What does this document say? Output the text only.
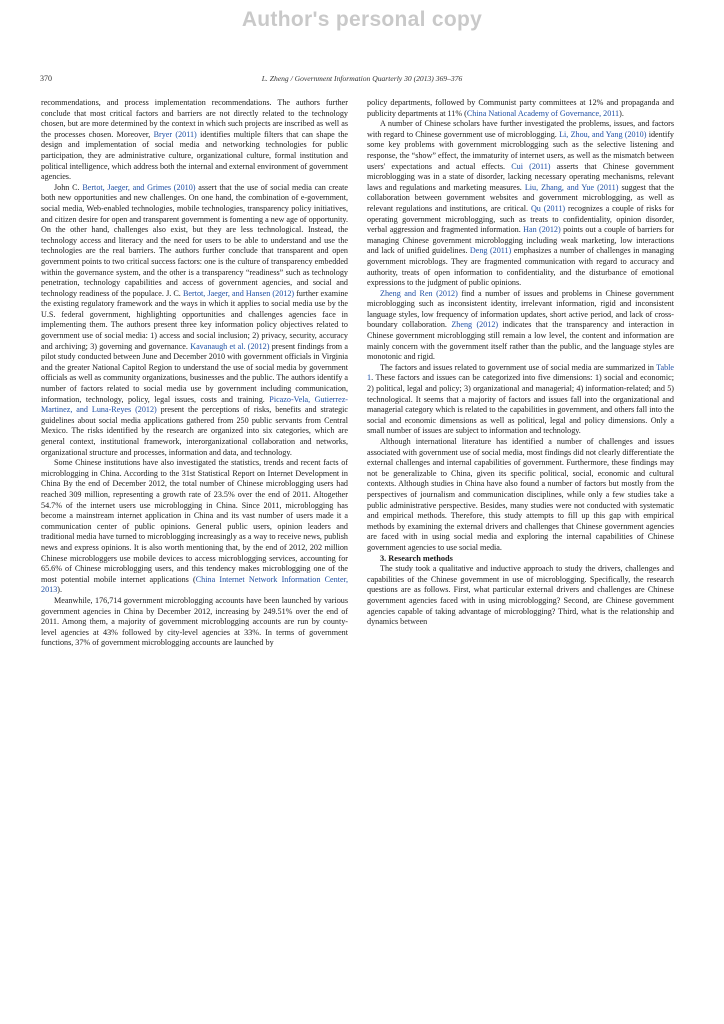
Author's personal copy
370	L. Zheng / Government Information Quarterly 30 (2013) 369–376

recommendations, and process implementation recommendations. The authors further conclude that most critical factors and barriers are not directly related to the technology chosen, but are more determined by the context in which such projects are inscribed as well as the processes chosen. Moreover, Bryer (2011) identifies multiple filters that can shape the design and implementation of social media and networking technologies for public participation, they are administrative culture, organizational culture, formal institution and political intelligence, which address both the internal and external environment of government agencies.

John C. Bertot, Jaeger, and Grimes (2010) assert that the use of social media can create both new opportunities and new challenges. On one hand, the combination of e-government, social media, Web-enabled technologies, mobile technologies, transparency policy initiatives, and citizen desire for open and transparent government is fomenting a new age of opportunity. On the other hand, challenges also exist, but they are less technological. Instead, the technology access and literacy and the need for users to be able to understand and use the technologies are the real barriers. The authors further conclude that transparent and open government points to two critical success factors: one is the culture of transparency embedded within the governance system, and the other is a transparency “readiness” such as technology penetration, technology capabilities and access of government agencies, and social and technology readiness of the populace. J. C. Bertot, Jaeger, and Hansen (2012) further examine the existing regulatory framework and the ways in which it applies to social media use by the U.S. federal government, highlighting opportunities and challenges agencies face in implementing them. The authors present three key information policy objectives related to government use of social media: 1) access and social inclusion; 2) privacy, security, accuracy and archiving; 3) governing and governance. Kavanaugh et al. (2012) present findings from a pilot study conducted between June and December 2010 with government officials in Virginia and the greater National Capitol Region to understand the use of social media by government officials as well as community organizations, businesses and the public. The authors identify a number of factors related to social media use by government including communication, information, technology, policy, legal issues, costs and training. Picazo-Vela, Gutierrez-Martinez, and Luna-Reyes (2012) present the perceptions of risks, benefits and strategic guidelines about social media applications gathered from 250 public servants from Central Mexico. The risks identified by the research are organized into six categories, which are general context, institutional framework, interorganizational collaboration and networks, organizational structure and processes, information and data, and technology.

Some Chinese institutions have also investigated the statistics, trends and recent facts of microblogging in China. According to the 31st Statistical Report on Internet Development in China By the end of December 2012, the total number of Chinese microblogging users had reached 309 million, representing a growth rate of 23.5% over the end of 2011. Altogether 54.7% of the internet users use microblogging in China. Since 2011, microblogging has become a mainstream internet application in China and its vast number of users made it a communication center of public opinions. General public users, opinion leaders and traditional media have turned to microblogging increasingly as a way to receive news, publish news and express opinions. It is also worth mentioning that, by the end of 2012, 202 million Chinese microbloggers use mobile devices to access microblogging services, accounting for 65.6% of Chinese microblogging users, and this tendency makes microblogging one of the most potential mobile internet applications (China Internet Network Information Center, 2013).

Meanwhile, 176,714 government microblogging accounts have been launched by various government agencies in China by December 2012, increasing by 249.51% over the end of 2011. Among them, a majority of government microblogging accounts are run by county-level agencies at 43% followed by city-level agencies at 33%. In terms of government functions, 37% of government microblogging accounts are launched by

policy departments, followed by Communist party committees at 12% and propaganda and publicity departments at 11% (China National Academy of Governance, 2011).

A number of Chinese scholars have further investigated the problems, issues, and factors with regard to Chinese government use of microblogging. Li, Zhou, and Yang (2010) identify some key problems with government microblogging such as the selective listening and response, the “show” effect, the immaturity of internet users, as well as the mismatch between users' expectations and actual effects. Cui (2011) asserts that Chinese government microblogging was in a state of disorder, lacking necessary operating mechanisms, relevant laws and regulations and marketing measures. Liu, Zhang, and Yue (2011) suggest that the collaboration between government websites and government microblogging, as well as relevant regulations and institutions, are critical. Qu (2011) recognizes a couple of risks for operating government microblogging, such as treats to confidentiality, opinion disorder, verbal aggression and fragmented information. Han (2012) points out a couple of barriers for managing Chinese government microblogging including weak marketing, low interactions and lack of unified guidelines. Deng (2011) emphasizes a number of challenges in managing government microblogs. They are fragmented communication with regard to accuracy and authority, treats of open information to confidentiality, and the disturbance of emotional expressions to the judgment of public opinions.

Zheng and Ren (2012) find a number of issues and problems in Chinese government microblogging such as inconsistent identity, irrelevant information, rigid and inconsistent language styles, low frequency of information updates, short active period, and lack of cross-boundary collaboration. Zheng (2012) indicates that the transparency and interaction in Chinese government microblogging still remain a low level, the content and information are mainly concern with the government itself rather than the public, and the language styles are monotonic and rigid.

The factors and issues related to government use of social media are summarized in Table 1. These factors and issues can be categorized into five dimensions: 1) social and economic; 2) political, legal and policy; 3) organizational and managerial; 4) information-related; and 5) technological. It seems that a majority of factors and issues fall into the organizational and managerial category which is related to the capabilities in government, and others fall into the social and economic dimensions as well as political, legal and policy dimensions. Only a small number of issues are subject to information and technology.

Although international literature has identified a number of challenges and issues associated with government use of social media, most findings did not clearly differentiate the external challenges and internal capabilities of government. Furthermore, these findings may not be generalizable to China, given its specific political, social, economic and cultural contexts. Although studies in China have also found a number of factors but mostly from the perspectives of journalism and communication disciplines, while only a few studies take a public administrative perspective. Besides, many studies were not conducted with systematic and empirical methods. Therefore, this study attempts to fill up this gap with empirical methods by examining the external drivers and challenges that Chinese government agencies are faced with in using social media and exploring the internal capabilities of Chinese government agencies to use social media.

3. Research methods

The study took a qualitative and inductive approach to study the drivers, challenges and capabilities of the Chinese government in use of microblogging. Specifically, the research questions are as follows. First, what particular external drivers and challenges are Chinese government agencies faced with in using microblogging? Second, are Chinese government agencies capable of taking advantage of microblogging? Third, what is the relationship and dynamics between
